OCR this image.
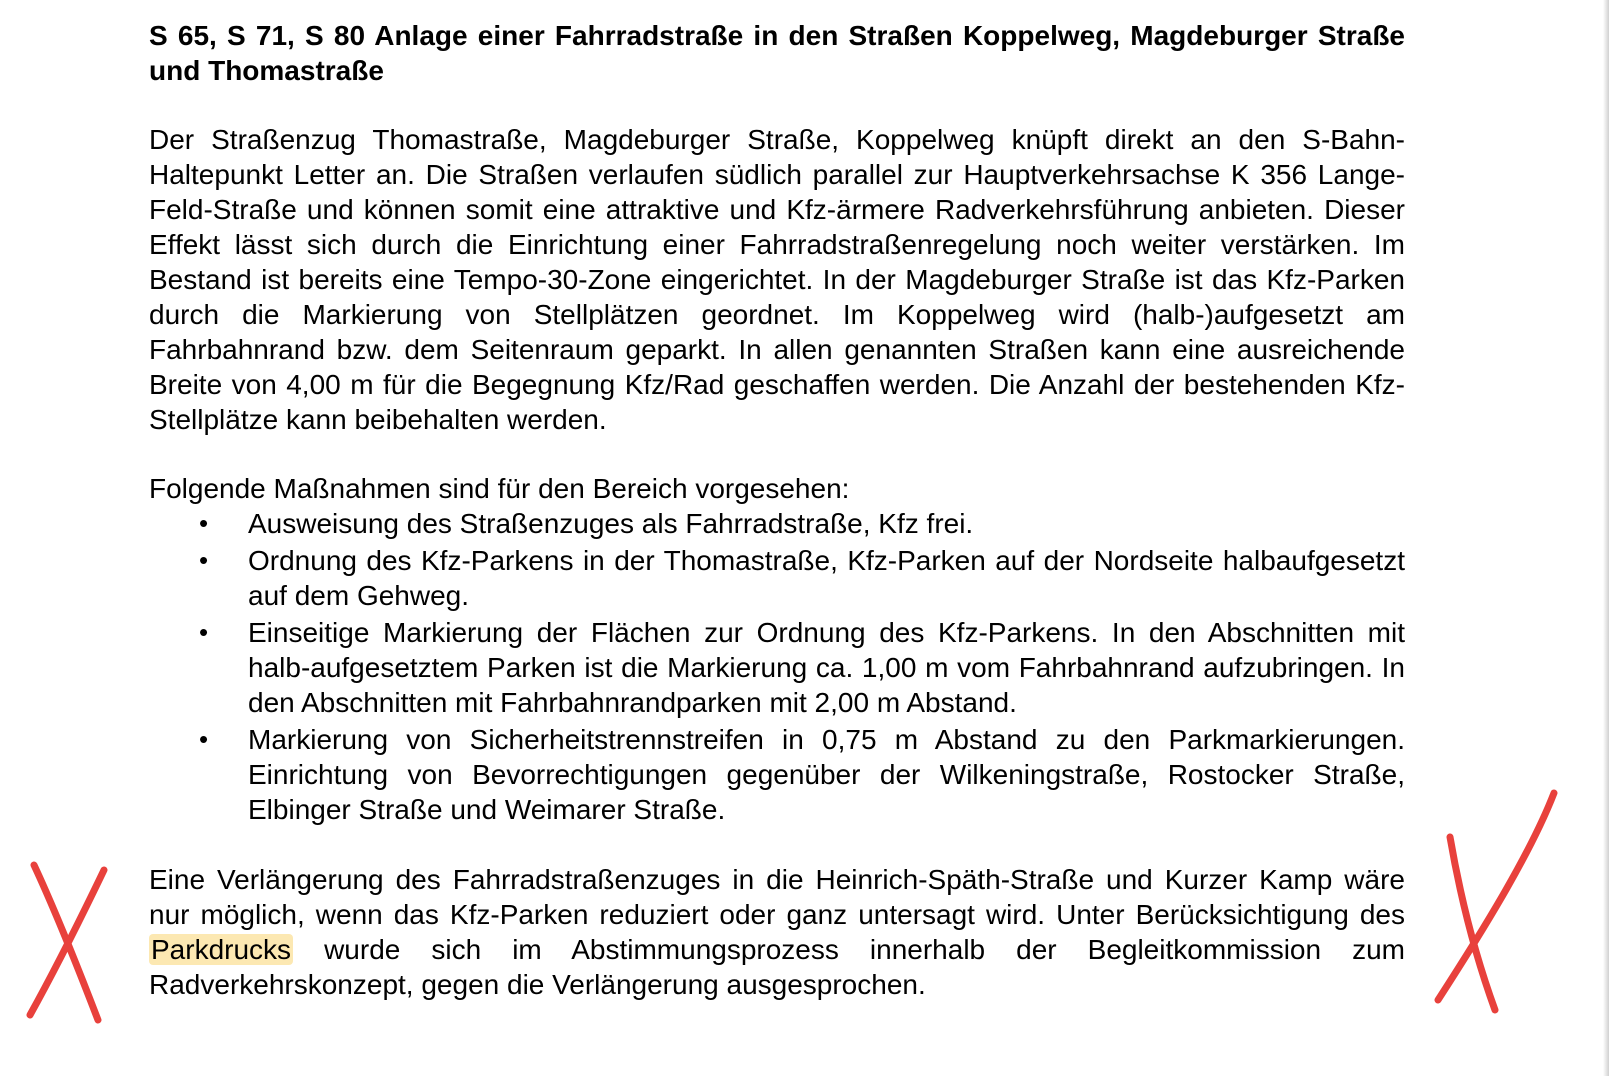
S 65, S 71, S 80 Anlage einer Fahrradstraße in den Straßen Koppelweg, Magdeburger Straße und Thomastraße

Der Straßenzug Thomastraße, Magdeburger Straße, Koppelweg knüpft direkt an den S-Bahn-Haltepunkt Letter an. Die Straßen verlaufen südlich parallel zur Hauptverkehrsachse K 356 Lange-Feld-Straße und können somit eine attraktive und Kfz-ärmere Radverkehrsführung anbieten. Dieser Effekt lässt sich durch die Einrichtung einer Fahrradstraßenregelung noch weiter verstärken. Im Bestand ist bereits eine Tempo-30-Zone eingerichtet. In der Magdeburger Straße ist das Kfz-Parken durch die Markierung von Stellplätzen geordnet. Im Koppelweg wird (halb-)aufgesetzt am Fahrbahnrand bzw. dem Seitenraum geparkt. In allen genannten Straßen kann eine ausreichende Breite von 4,00 m für die Begegnung Kfz/Rad geschaffen werden. Die Anzahl der bestehenden Kfz-Stellplätze kann beibehalten werden.

Folgende Maßnahmen sind für den Bereich vorgesehen:

• Ausweisung des Straßenzuges als Fahrradstraße, Kfz frei.
• Ordnung des Kfz-Parkens in der Thomastraße, Kfz-Parken auf der Nordseite halbaufgesetzt auf dem Gehweg.
• Einseitige Markierung der Flächen zur Ordnung des Kfz-Parkens. In den Abschnitten mit halb-aufgesetztem Parken ist die Markierung ca. 1,00 m vom Fahrbahnrand aufzubringen. In den Abschnitten mit Fahrbahnrandparken mit 2,00 m Abstand.
• Markierung von Sicherheitstrennstreifen in 0,75 m Abstand zu den Parkmarkierungen. Einrichtung von Bevorrechtigungen gegenüber der Wilkeningstraße, Rostocker Straße, Elbinger Straße und Weimarer Straße.

Eine Verlängerung des Fahrradstraßenzuges in die Heinrich-Späth-Straße und Kurzer Kamp wäre nur möglich, wenn das Kfz-Parken reduziert oder ganz untersagt wird. Unter Berücksichtigung des Parkdrucks wurde sich im Abstimmungsprozess innerhalb der Begleitkommission zum Radverkehrskonzept, gegen die Verlängerung ausgesprochen.
